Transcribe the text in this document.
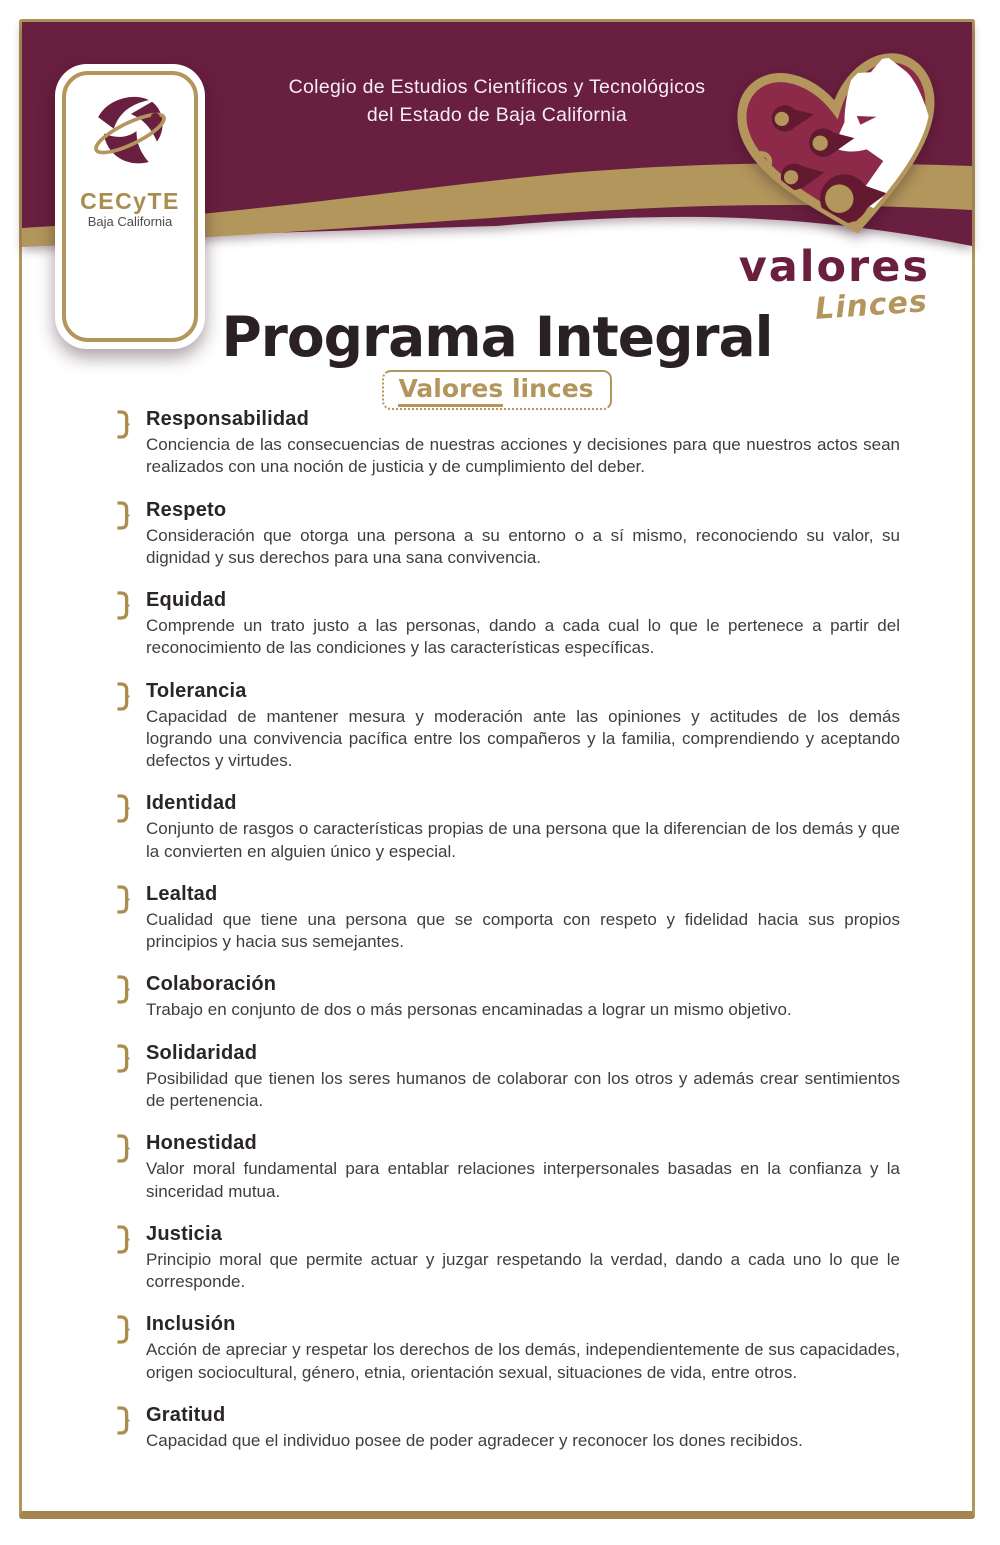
Colegio de Estudios Científicos y Tecnológicos
del Estado de Baja California
CECyTE
Baja California
valores
Linces
Programa Integral
Valores linces

Responsabilidad

Conciencia de las consecuencias de nuestras acciones y decisiones para que nuestros actos sean realizados con una noción de justicia y de cumplimiento del deber.

Respeto

Consideración que otorga una persona a su entorno o a sí mismo, reconociendo su valor, su dignidad y sus derechos para una sana convivencia.

Equidad

Comprende un trato justo a las personas, dando a cada cual lo que le pertenece a partir del reconocimiento de las condiciones y las características específicas.

Tolerancia

Capacidad de mantener mesura y moderación ante las opiniones y actitudes de los demás logrando una convivencia pacífica entre los compañeros y la familia, comprendiendo y aceptando defectos y virtudes.

Identidad

Conjunto de rasgos o características propias de una persona que la diferencian de los demás y que la convierten en alguien único y especial.

Lealtad

Cualidad que tiene una persona que se comporta con respeto y fidelidad hacia sus propios principios y hacia sus semejantes.

Colaboración

Trabajo en conjunto de dos o más personas encaminadas a lograr un mismo objetivo.

Solidaridad

Posibilidad que tienen los seres humanos de colaborar con los otros y además crear sentimientos de pertenencia.

Honestidad

Valor moral fundamental para entablar relaciones interpersonales basadas en la confianza y la sinceridad mutua.

Justicia

Principio moral que permite actuar y juzgar respetando la verdad, dando a cada uno lo que le corresponde.

Inclusión

Acción de apreciar y respetar los derechos de los demás, independientemente de sus capacidades, origen sociocultural, género, etnia, orientación sexual, situaciones de vida, entre otros.

Gratitud

Capacidad que el individuo posee de poder agradecer y reconocer los dones recibidos.
